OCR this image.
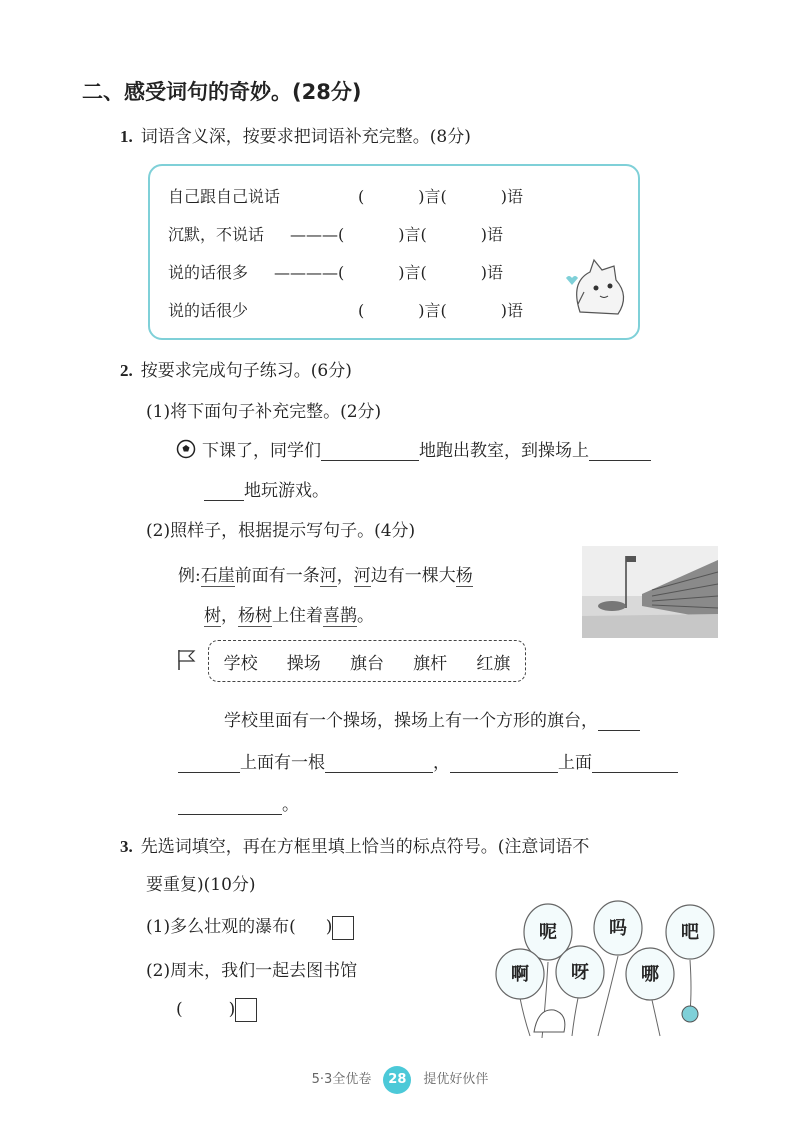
二、感受词句的奇妙。(28分)
1. 词语含义深，按要求把词语补充完整。(8分)
自己跟自己说话	(	)言(	)语
沉默，不说话 ———(	)言(	)语
说的话很多 ————(	)言(	)语
说的话很少	(	)言(	)语
2. 按要求完成句子练习。(6分)
(1)将下面句子补充完整。(2分)
下课了，同学们	地跑出教室，到操场上
地玩游戏。
(2)照样子，根据提示写句子。(4分)
例:石崖前面有一条河，河边有一棵大杨
树，杨树上住着喜鹊。
学校 操场 旗台 旗杆 红旗
学校里面有一个操场，操场上有一个方形的旗台，
上面有一根	，	上面
。
3. 先选词填空，再在方框里填上恰当的标点符号。(注意词语不
要重复)(10分)
(1)多么壮观的瀑布( )
(2)周末，我们一起去图书馆
(	)
呢	吗	吧
啊 呀	哪
5·3全优卷 28 提优好伙伴
